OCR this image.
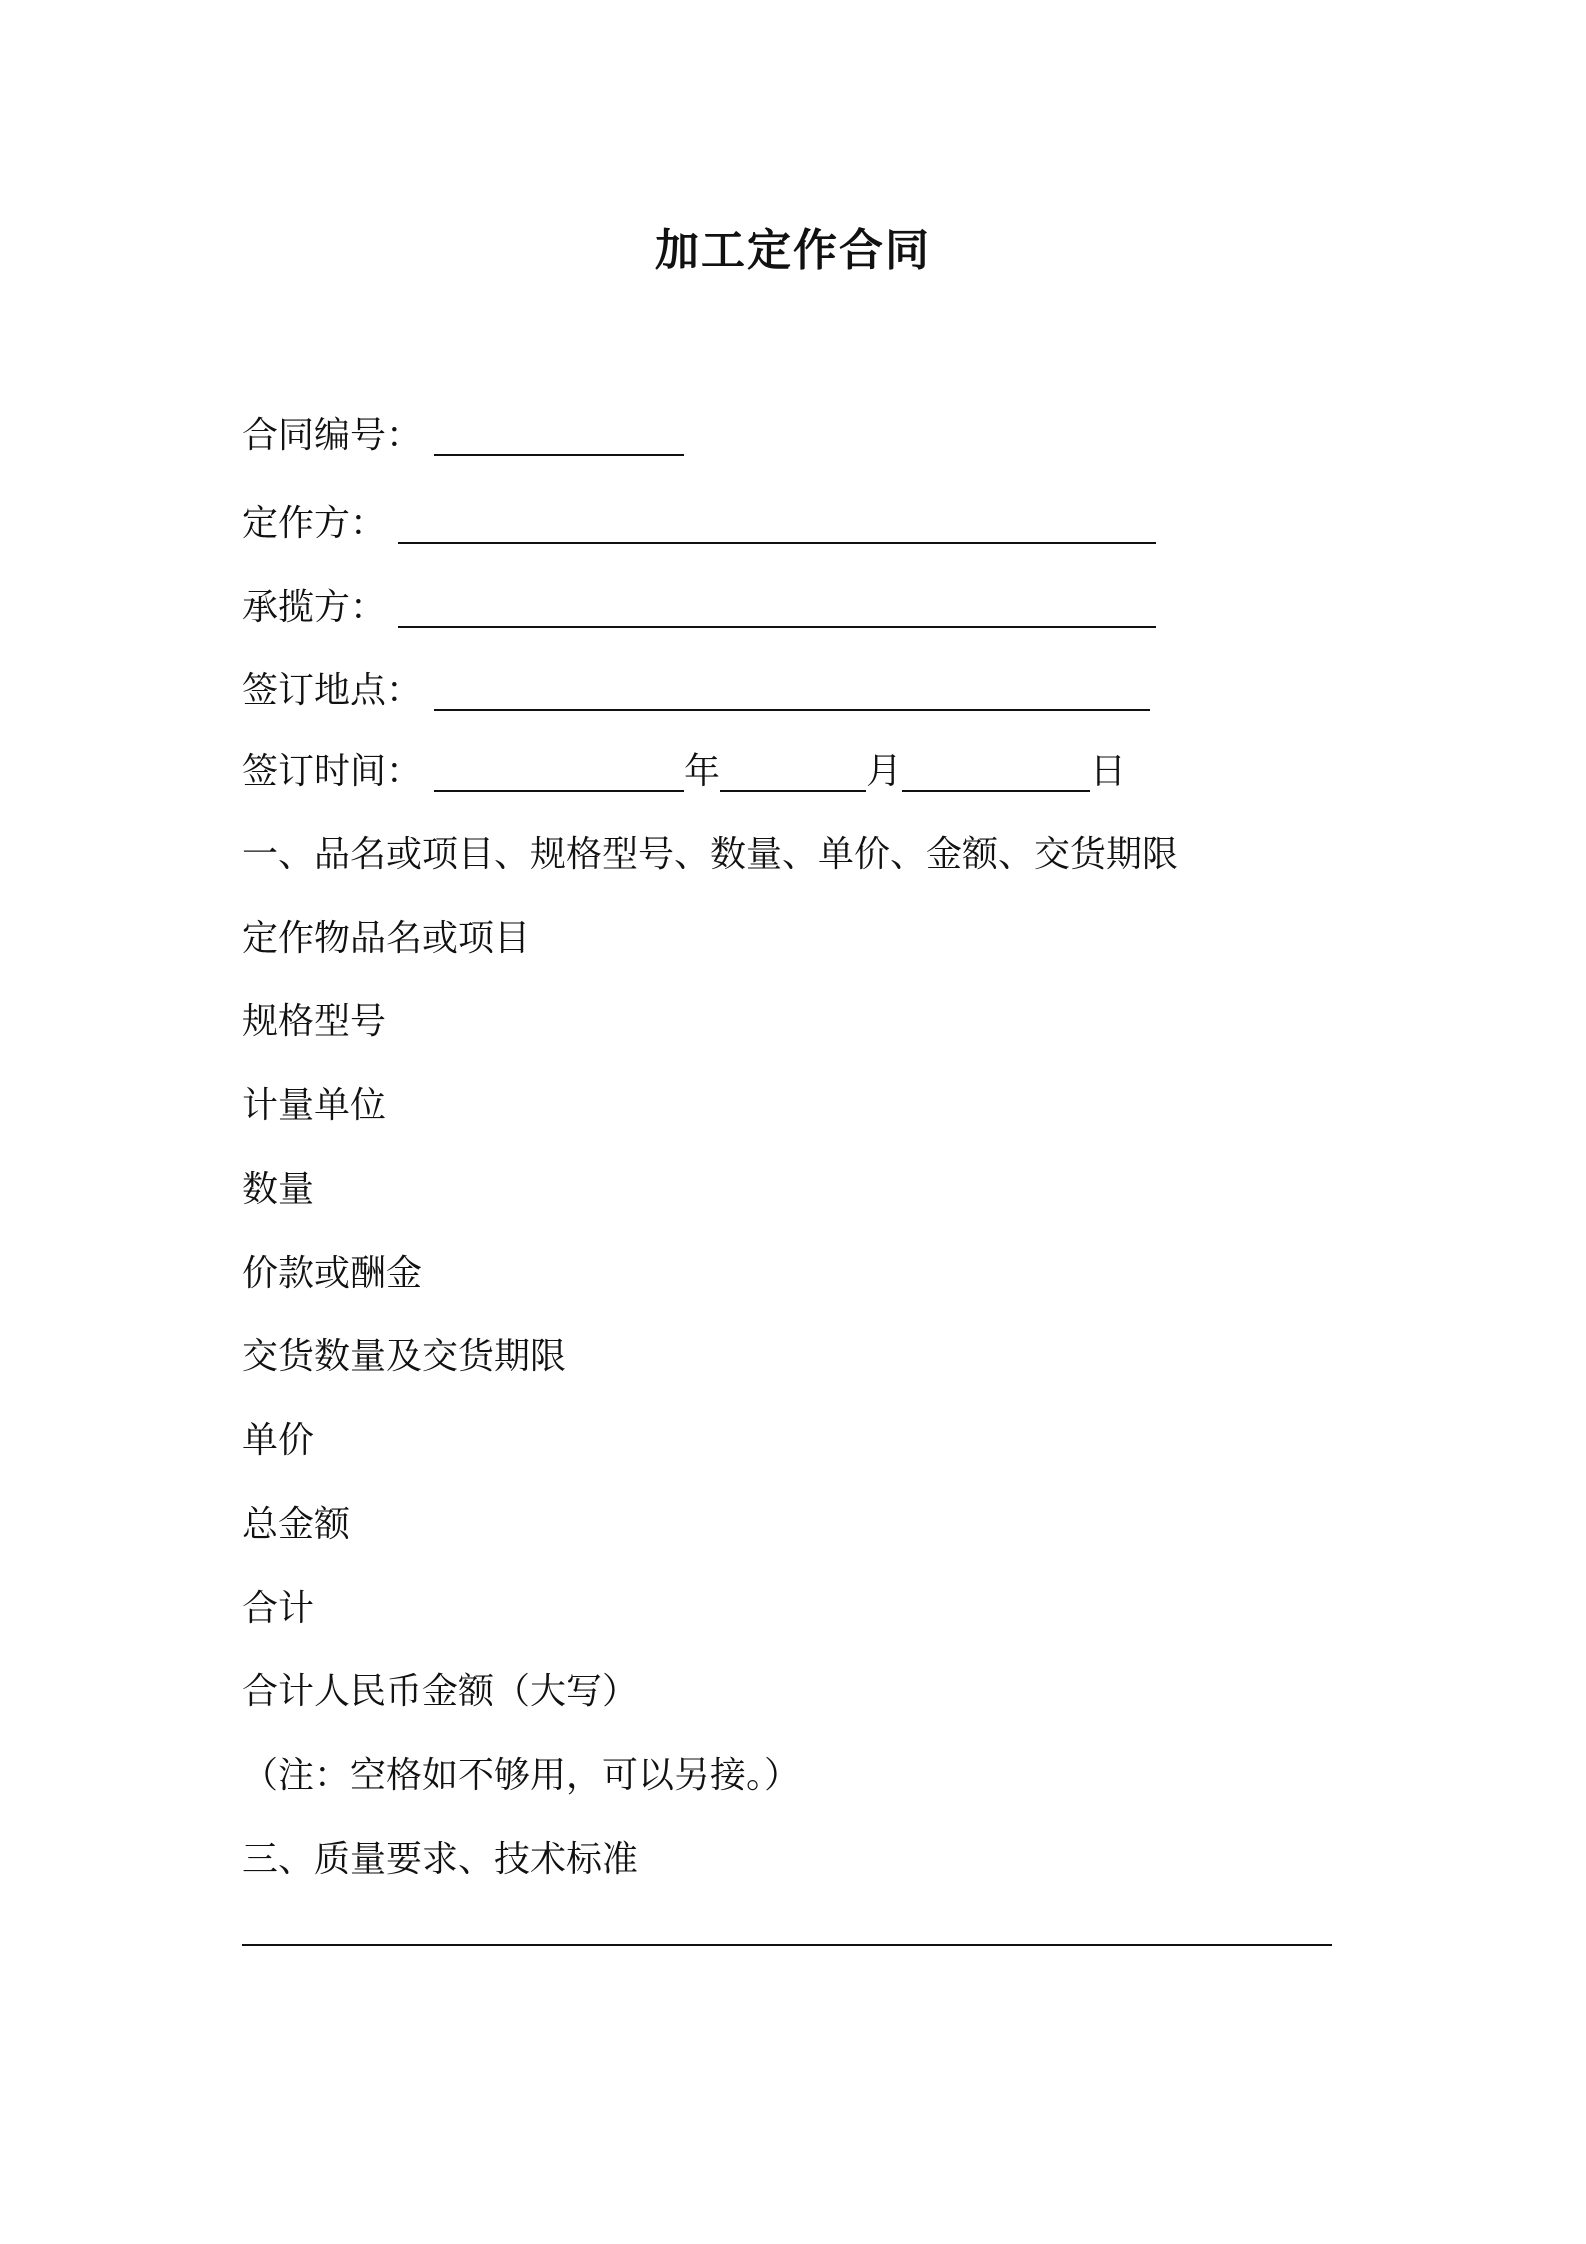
加工定作合同
合同编号：
定作方：
承揽方：
签订地点：
签订时间：	年	月	日
一、品名或项目、规格型号、数量、单价、金额、交货期限
定作物品名或项目
规格型号
计量单位
数量
价款或酬金
交货数量及交货期限
单价
总金额
合计
合计人民币金额（大写）
（注：空格如不够用，可以另接。）
三、质量要求、技术标准
